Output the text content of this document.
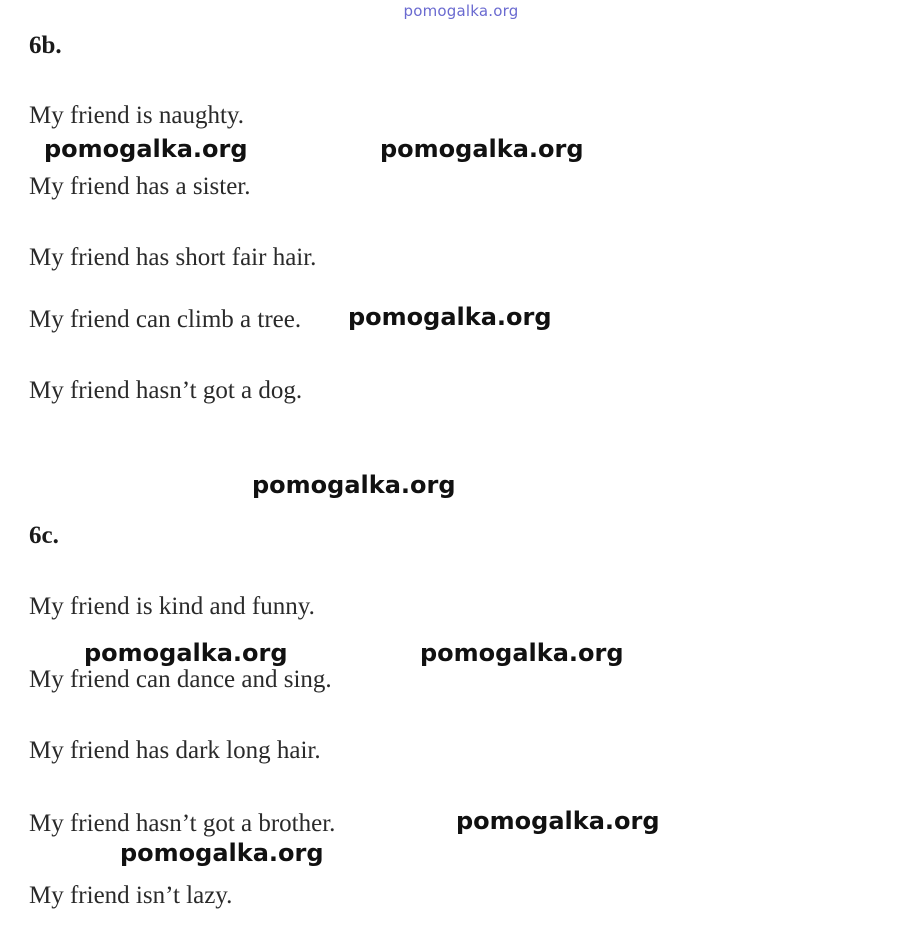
pomogalka.org
6b.
My friend is naughty.
My friend has a sister.
My friend has short fair hair.
My friend can climb a tree.
My friend hasn’t got a dog.
6c.
My friend is kind and funny.
My friend can dance and sing.
My friend has dark long hair.
My friend hasn’t got a brother.
My friend isn’t lazy.
pomogalka.org	pomogalka.org
pomogalka.org
pomogalka.org
pomogalka.org	pomogalka.org
pomogalka.org
pomogalka.org
